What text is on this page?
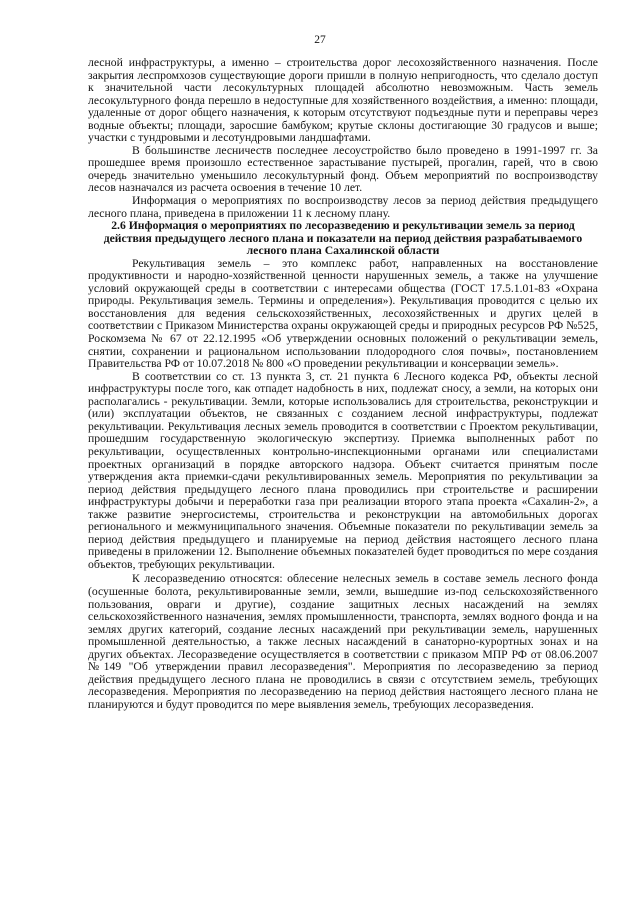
27

лесной инфраструктуры, а именно – строительства дорог лесохозяйственного назначения. После закрытия леспромхозов существующие дороги пришли в полную непригодность, что сделало доступ к значительной части лесокультурных площадей абсолютно невозможным. Часть земель лесокультурного фонда перешло в недоступные для хозяйственного воздействия, а именно: площади, удаленные от дорог общего назначения, к которым отсутствуют подъездные пути и переправы через водные объекты; площади, заросшие бамбуком; крутые склоны достигающие 30 градусов и выше; участки с тундровыми и лесотундровыми ландшафтами.

В большинстве лесничеств последнее лесоустройство было проведено в 1991-1997 гг. За прошедшее время произошло естественное зарастывание пустырей, прогалин, гарей, что в свою очередь значительно уменьшило лесокультурный фонд. Объем мероприятий по воспроизводству лесов назначался из расчета освоения в течение 10 лет.

Информация о мероприятиях по воспроизводству лесов за период действия предыдущего лесного плана, приведена в приложении 11 к лесному плану.

2.6 Информация о мероприятиях по лесоразведению и рекультивации земель за период действия предыдущего лесного плана и показатели на период действия разрабатываемого лесного плана Сахалинской области

Рекультивация земель – это комплекс работ, направленных на восстановление продуктивности и народно-хозяйственной ценности нарушенных земель, а также на улучшение условий окружающей среды в соответствии с интересами общества (ГОСТ 17.5.1.01-83 «Охрана природы. Рекультивация земель. Термины и определения»). Рекультивация проводится с целью их восстановления для ведения сельскохозяйственных, лесохозяйственных и других целей в соответствии с Приказом Министерства охраны окружающей среды и природных ресурсов РФ №525, Роскомзема № 67 от 22.12.1995 «Об утверждении основных положений о рекультивации земель, снятии, сохранении и рациональном использовании плодородного слоя почвы», постановлением Правительства РФ от 10.07.2018 № 800 «О проведении рекультивации и консервации земель».

В соответствии со ст. 13 пункта 3, ст. 21 пункта 6 Лесного кодекса РФ, объекты лесной инфраструктуры после того, как отпадет надобность в них, подлежат сносу, а земли, на которых они располагались - рекультивации. Земли, которые использовались для строительства, реконструкции и (или) эксплуатации объектов, не связанных с созданием лесной инфраструктуры, подлежат рекультивации. Рекультивация лесных земель проводится в соответствии с Проектом рекультивации, прошедшим государственную экологическую экспертизу. Приемка выполненных работ по рекультивации, осуществленных контрольно-инспекционными органами или специалистами проектных организаций в порядке авторского надзора. Объект считается принятым после утверждения акта приемки-сдачи рекультивированных земель. Мероприятия по рекультивации за период действия предыдущего лесного плана проводились при строительстве и расширении инфраструктуры добычи и переработки газа при реализации второго этапа проекта «Сахалин-2», а также развитие энергосистемы, строительства и реконструкции на автомобильных дорогах регионального и межмуниципального значения. Объемные показатели по рекультивации земель за период действия предыдущего и планируемые на период действия настоящего лесного плана приведены в приложении 12. Выполнение объемных показателей будет проводиться по мере создания объектов, требующих рекультивации.

К лесоразведению относятся: облесение нелесных земель в составе земель лесного фонда (осушенные болота, рекультивированные земли, земли, вышедшие из-под сельскохозяйственного пользования, овраги и другие), создание защитных лесных насаждений на землях сельскохозяйственного назначения, землях промышленности, транспорта, землях водного фонда и на землях других категорий, создание лесных насаждений при рекультивации земель, нарушенных промышленной деятельностью, а также лесных насаждений в санаторно-курортных зонах и на других объектах. Лесоразведение осуществляется в соответствии с приказом МПР РФ от 08.06.2007 №149 "Об утверждении правил лесоразведения". Мероприятия по лесоразведению за период действия предыдущего лесного плана не проводились в связи с отсутствием земель, требующих лесоразведения. Мероприятия по лесоразведению на период действия настоящего лесного плана не планируются и будут проводится по мере выявления земель, требующих лесоразведения.
